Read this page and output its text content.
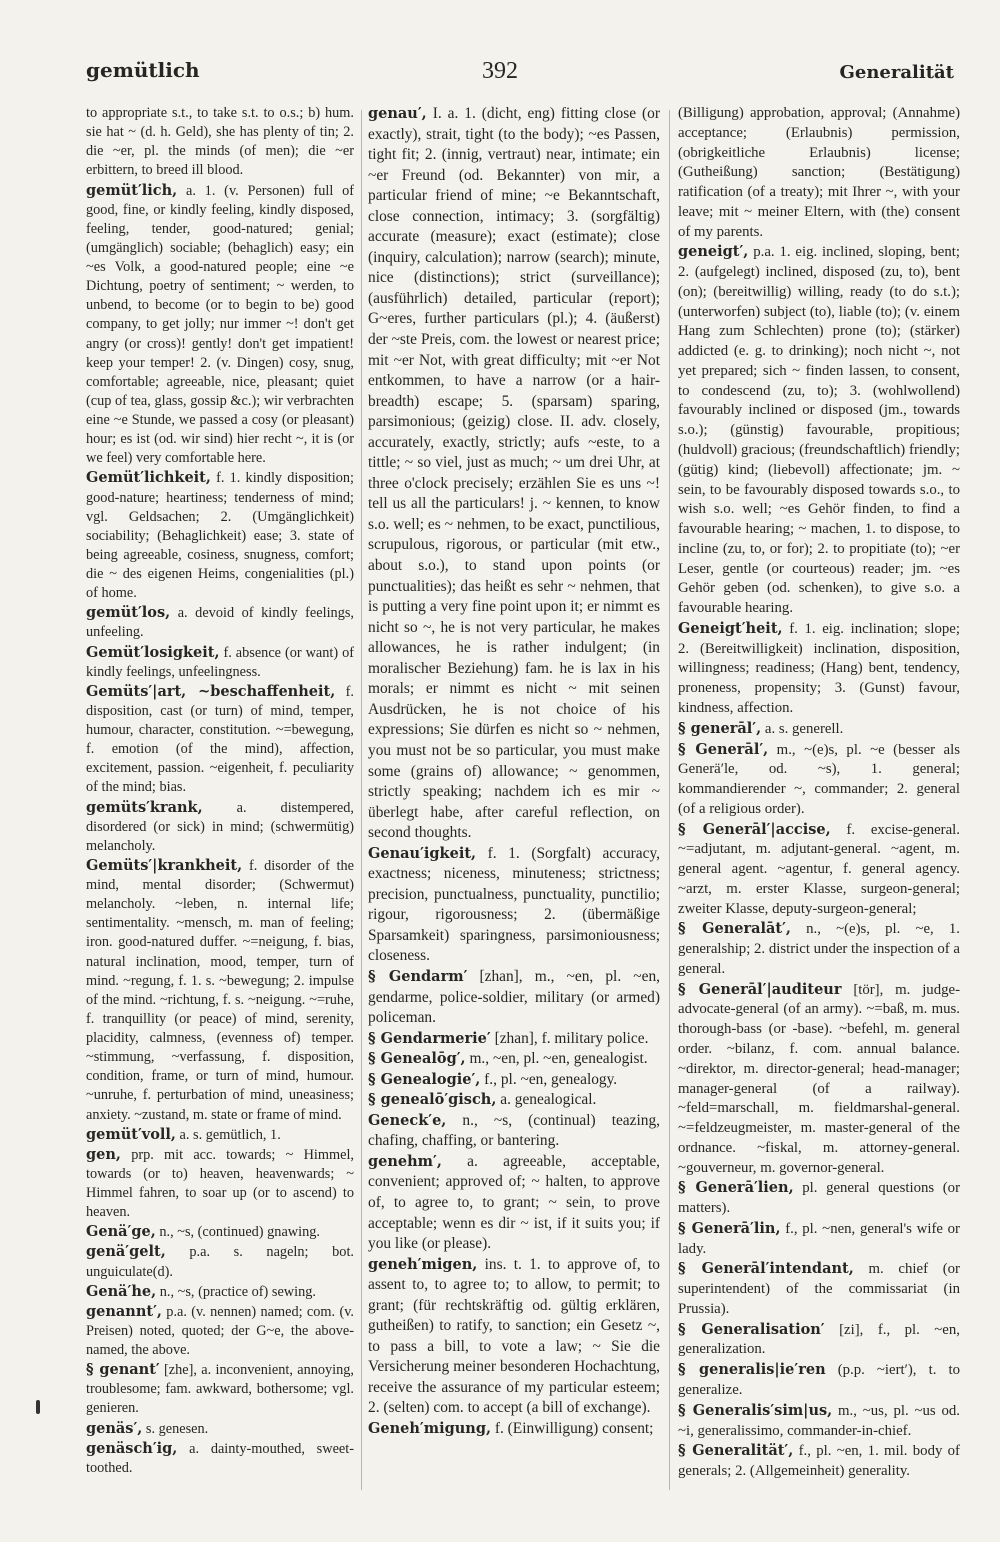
gemütlich	392	Generalität

to appropriate s.t., to take s.t. to o.s.; b) hum. sie hat ~ (d. h. Geld), she has plenty of tin; 2. die ~er, pl. the minds (of men); die ~er erbittern, to breed ill blood.

gemüt′lich, a. 1. (v. Personen) full of good, fine, or kindly feeling, kindly disposed, feeling, tender, good-natured; genial; (umgänglich) sociable; (behaglich) easy; ein ~es Volk, a good-natured people; eine ~e Dichtung, poetry of sentiment; ~ werden, to unbend, to become (or to begin to be) good company, to get jolly; nur immer ~! don't get angry (or cross)! gently! don't get impatient! keep your temper! 2. (v. Dingen) cosy, snug, comfortable; agreeable, nice, pleasant; quiet (cup of tea, glass, gossip &c.); wir verbrachten eine ~e Stunde, we passed a cosy (or pleasant) hour; es ist (od. wir sind) hier recht ~, it is (or we feel) very comfortable here.

Gemüt′lichkeit, f. 1. kindly disposition; good-nature; heartiness; tenderness of mind; vgl. Geldsachen; 2. (Umgänglichkeit) sociability; (Behaglichkeit) ease; 3. state of being agreeable, cosiness, snugness, comfort; die ~ des eigenen Heims, congenialities (pl.) of home.

gemüt′los, a. devoid of kindly feelings, unfeeling.

Gemüt′losigkeit, f. absence (or want) of kindly feelings, unfeelingness.

Gemüts′|art, ~beschaffenheit, f. disposition, cast (or turn) of mind, temper, humour, character, constitution. ~=bewegung, f. emotion (of the mind), affection, excitement, passion. ~eigenheit, f. peculiarity of the mind; bias.

gemüts′krank, a. distempered, disordered (or sick) in mind; (schwermütig) melancholy.

Gemüts′|krankheit, f. disorder of the mind, mental disorder; (Schwermut) melancholy. ~leben, n. internal life; sentimentality. ~mensch, m. man of feeling; iron. good-natured duffer. ~=neigung, f. bias, natural inclination, mood, temper, turn of mind. ~regung, f. 1. s. ~bewegung; 2. impulse of the mind. ~richtung, f. s. ~neigung. ~=ruhe, f. tranquillity (or peace) of mind, serenity, placidity, calmness, (evenness of) temper. ~stimmung, ~verfassung, f. disposition, condition, frame, or turn of mind, humour. ~unruhe, f. perturbation of mind, uneasiness; anxiety. ~zustand, m. state or frame of mind.

gemüt′voll, a. s. gemütlich, 1.

gen, prp. mit acc. towards; ~ Himmel, towards (or to) heaven, heavenwards; ~ Himmel fahren, to soar up (or to ascend) to heaven.

Genä′ge, n., ~s, (continued) gnawing.

genä′gelt, p.a. s. nageln; bot. unguiculate(d).

Genä′he, n., ~s, (practice of) sewing.

genannt′, p.a. (v. nennen) named; com. (v. Preisen) noted, quoted; der G~e, the above-named, the above.

§ genant′ [zhe], a. inconvenient, annoying, troublesome; fam. awkward, bothersome; vgl. genieren.

genäs′, s. genesen.

genäsch′ig, a. dainty-mouthed, sweet-toothed.

genau′, I. a. 1. (dicht, eng) fitting close (or exactly), strait, tight (to the body); ~es Passen, tight fit; 2. (innig, vertraut) near, intimate; ein ~er Freund (od. Bekannter) von mir, a particular friend of mine; ~e Bekanntschaft, close connection, intimacy; 3. (sorgfältig) accurate (measure); exact (estimate); close (inquiry, calculation); narrow (search); minute, nice (distinctions); strict (surveillance); (ausführlich) detailed, particular (report); G~eres, further particulars (pl.); 4. (äußerst) der ~ste Preis, com. the lowest or nearest price; mit ~er Not, with great difficulty; mit ~er Not entkommen, to have a narrow (or a hair-breadth) escape; 5. (sparsam) sparing, parsimonious; (geizig) close. II. adv. closely, accurately, exactly, strictly; aufs ~este, to a tittle; ~ so viel, just as much; ~ um drei Uhr, at three o'clock precisely; erzählen Sie es uns ~! tell us all the particulars! j. ~ kennen, to know s.o. well; es ~ nehmen, to be exact, punctilious, scrupulous, rigorous, or particular (mit etw., about s.o.), to stand upon points (or punctualities); das heißt es sehr ~ nehmen, that is putting a very fine point upon it; er nimmt es nicht so ~, he is not very particular, he makes allowances, he is rather indulgent; (in moralischer Beziehung) fam. he is lax in his morals; er nimmt es nicht ~ mit seinen Ausdrücken, he is not choice of his expressions; Sie dürfen es nicht so ~ nehmen, you must not be so particular, you must make some (grains of) allowance; ~ genommen, strictly speaking; nachdem ich es mir ~ überlegt habe, after careful reflection, on second thoughts.

Genau′igkeit, f. 1. (Sorgfalt) accuracy, exactness; niceness, minuteness; strictness; precision, punctualness, punctuality, punctilio; rigour, rigorousness; 2. (übermäßige Sparsamkeit) sparingness, parsimoniousness; closeness.

§ Gendarm′ [zhan], m., ~en, pl. ~en, gendarme, police-soldier, military (or armed) policeman.

§ Gendarmerie′ [zhan], f. military police.

§ Genealōg′, m., ~en, pl. ~en, genealogist.

§ Genealogie′, f., pl. ~en, genealogy.

§ genealō′gisch, a. genealogical.

Geneck′e, n., ~s, (continual) teazing, chafing, chaffing, or bantering.

genehm′, a. agreeable, acceptable, convenient; approved of; ~ halten, to approve of, to agree to, to grant; ~ sein, to prove acceptable; wenn es dir ~ ist, if it suits you; if you like (or please).

geneh′migen, ins. t. 1. to approve of, to assent to, to agree to; to allow, to permit; to grant; (für rechtskräftig od. gültig erklären, gutheißen) to ratify, to sanction; ein Gesetz ~, to pass a bill, to vote a law; ~ Sie die Versicherung meiner besonderen Hochachtung, receive the assurance of my particular esteem; 2. (selten) com. to accept (a bill of exchange).

Geneh′migung, f. (Einwilligung) consent;

(Billigung) approbation, approval; (Annahme) acceptance; (Erlaubnis) permission, (obrigkeitliche Erlaubnis) license; (Gutheißung) sanction; (Bestätigung) ratification (of a treaty); mit Ihrer ~, with your leave; mit ~ meiner Eltern, with (the) consent of my parents.

geneigt′, p.a. 1. eig. inclined, sloping, bent; 2. (aufgelegt) inclined, disposed (zu, to), bent (on); (bereitwillig) willing, ready (to do s.t.); (unterworfen) subject (to), liable (to); (v. einem Hang zum Schlechten) prone (to); (stärker) addicted (e. g. to drinking); noch nicht ~, not yet prepared; sich ~ finden lassen, to consent, to condescend (zu, to); 3. (wohlwollend) favourably inclined or disposed (jm., towards s.o.); (günstig) favourable, propitious; (huldvoll) gracious; (freundschaftlich) friendly; (gütig) kind; (liebevoll) affectionate; jm. ~ sein, to be favourably disposed towards s.o., to wish s.o. well; ~es Gehör finden, to find a favourable hearing; ~ machen, 1. to dispose, to incline (zu, to, or for); 2. to propitiate (to); ~er Leser, gentle (or courteous) reader; jm. ~es Gehör geben (od. schenken), to give s.o. a favourable hearing.

Geneigt′heit, f. 1. eig. inclination; slope; 2. (Bereitwilligkeit) inclination, disposition, willingness; readiness; (Hang) bent, tendency, proneness, propensity; 3. (Gunst) favour, kindness, affection.

§ generāl′, a. s. generell.

§ Generāl′, m., ~(e)s, pl. ~e (besser als Generä′le, od. ~s), 1. general; kommandierender ~, commander; 2. general (of a religious order).

§ Generāl′|accise, f. excise-general. ~=adjutant, m. adjutant-general. ~agent, m. general agent. ~agentur, f. general agency. ~arzt, m. erster Klasse, surgeon-general; zweiter Klasse, deputy-surgeon-general;

§ Generalāt′, n., ~(e)s, pl. ~e, 1. generalship; 2. district under the inspection of a general.

§ Generāl′|auditeur [tör], m. judge-advocate-general (of an army). ~=baß, m. mus. thorough-bass (or -base). ~befehl, m. general order. ~bilanz, f. com. annual balance. ~direktor, m. director-general; head-manager; manager-general (of a railway). ~feld=marschall, m. fieldmarshal-general. ~=feldzeugmeister, m. master-general of the ordnance. ~fiskal, m. attorney-general. ~gouverneur, m. governor-general.

§ Generā′lien, pl. general questions (or matters).

§ Generā′lin, f., pl. ~nen, general's wife or lady.

§ Generāl′intendant, m. chief (or superintendent) of the commissariat (in Prussia).

§ Generalisation′ [zi], f., pl. ~en, generalization.

§ generalis|ie′ren (p.p. ~iert′), t. to generalize.

§ Generalis′sim|us, m., ~us, pl. ~us od. ~i, generalissimo, commander-in-chief.

§ Generalität′, f., pl. ~en, 1. mil. body of generals; 2. (Allgemeinheit) generality.
